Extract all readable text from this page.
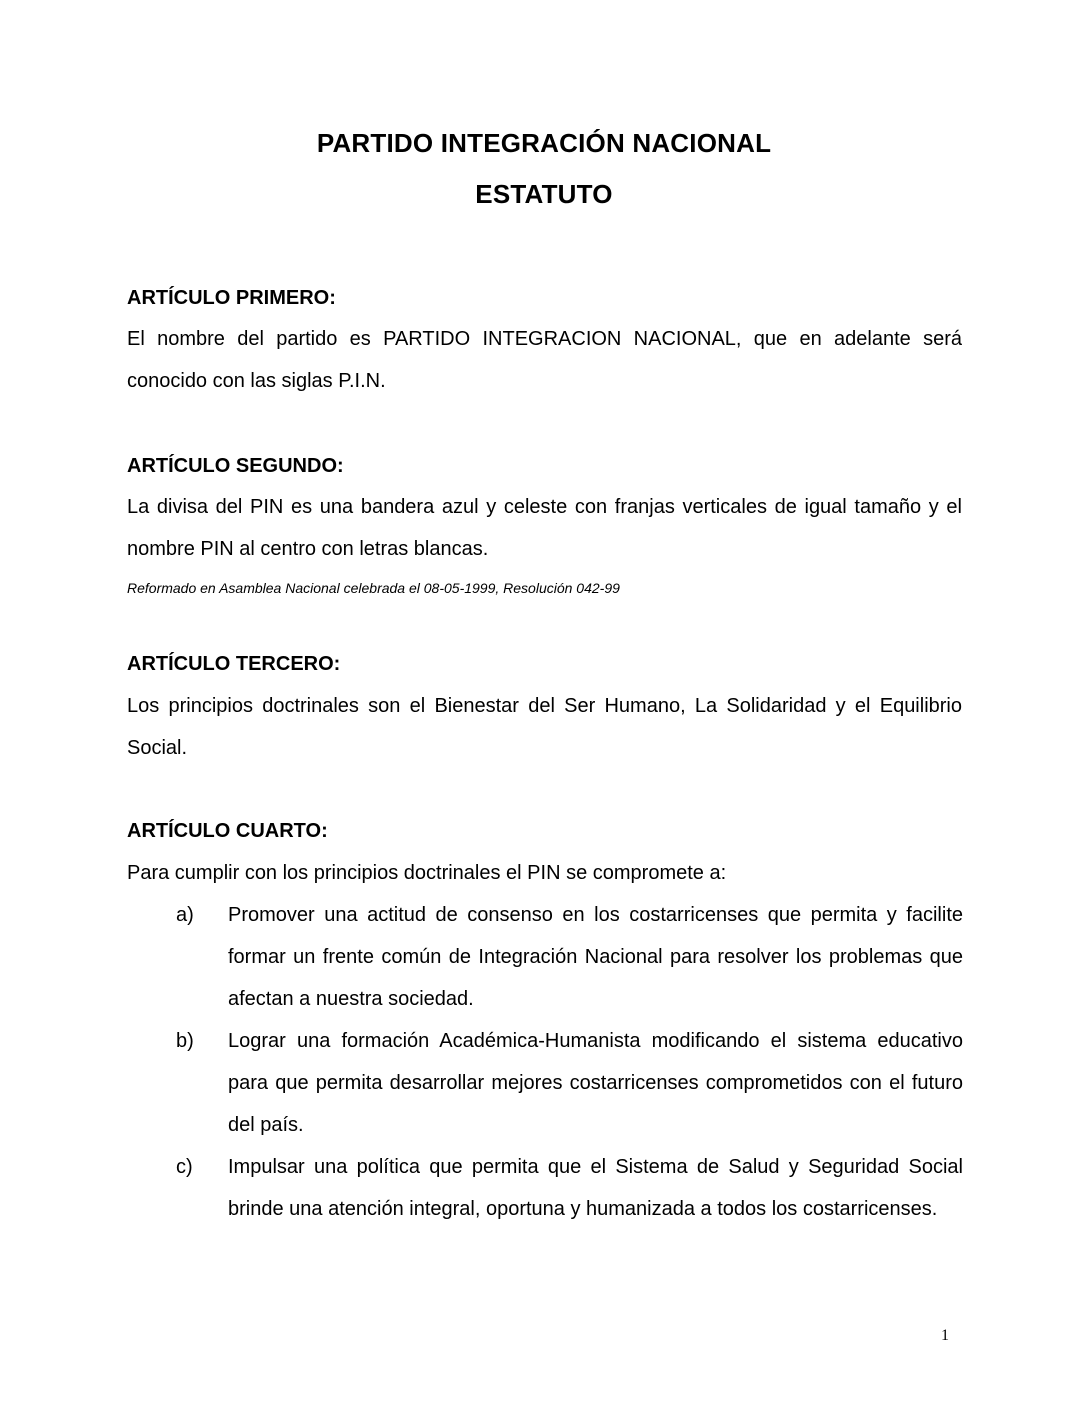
PARTIDO INTEGRACIÓN NACIONAL
ESTATUTO
ARTÍCULO PRIMERO:

El nombre del partido es PARTIDO INTEGRACION NACIONAL, que en adelante será conocido con las siglas P.I.N.

ARTÍCULO SEGUNDO:

La divisa del PIN es una bandera azul y celeste con franjas verticales de igual tamaño y el nombre PIN al centro con letras blancas.

Reformado en Asamblea Nacional celebrada el 08-05-1999, Resolución 042-99

ARTÍCULO TERCERO:

Los principios doctrinales son el Bienestar del Ser Humano, La Solidaridad y el Equilibrio Social.

ARTÍCULO CUARTO:

Para cumplir con los principios doctrinales el PIN se compromete a:

a) Promover una actitud de consenso en los costarricenses que permita y facilite formar un frente común de Integración Nacional para resolver los problemas que afectan a nuestra sociedad.
b) Lograr una formación Académica-Humanista modificando el sistema educativo para que permita desarrollar mejores costarricenses comprometidos con el futuro del país.
c) Impulsar una política que permita que el Sistema de Salud y Seguridad Social brinde una atención integral, oportuna y humanizada a todos los costarricenses.

1
